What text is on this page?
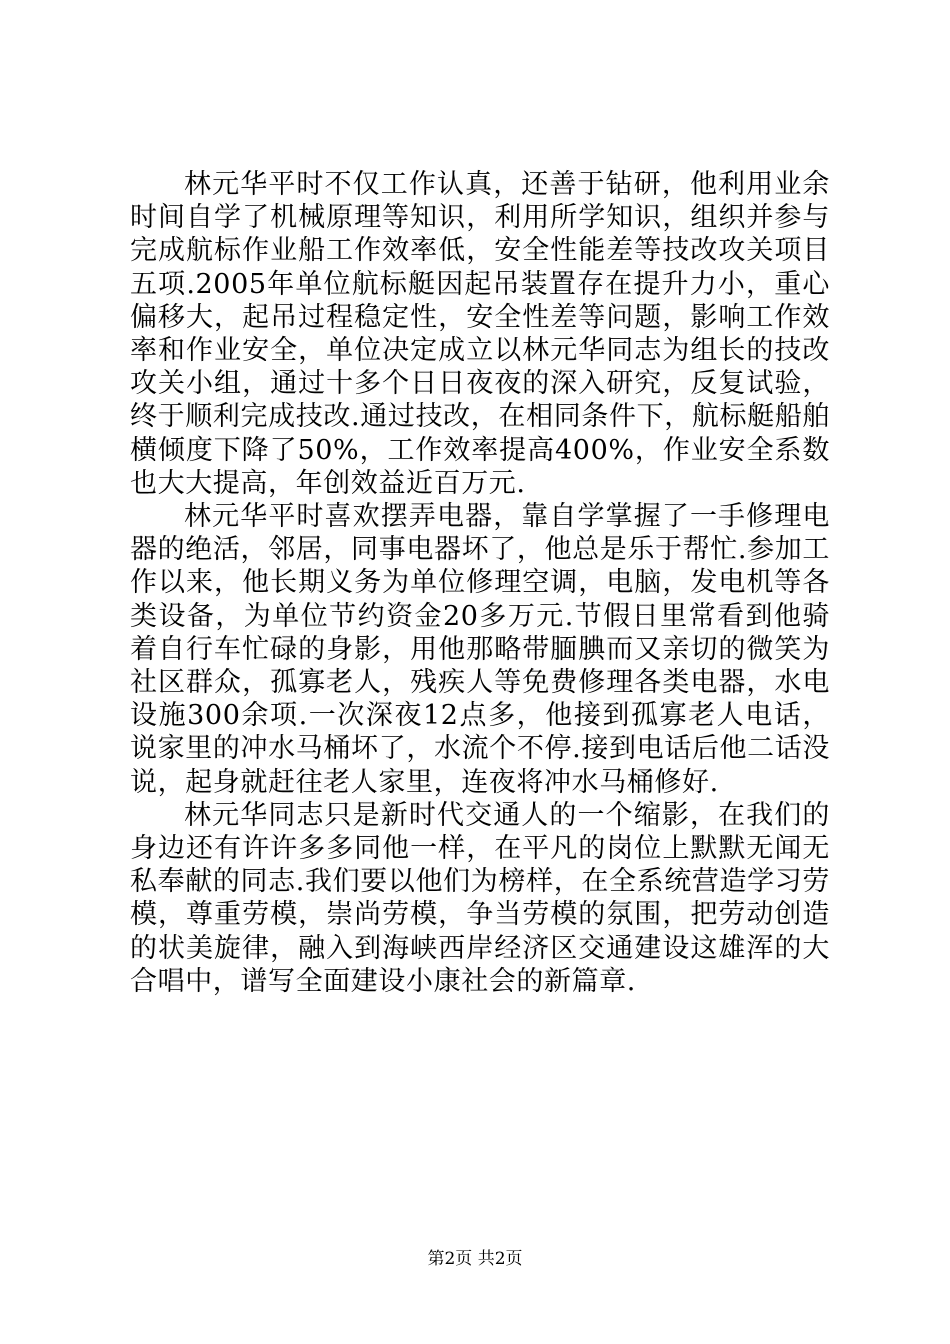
林元华平时不仅工作认真，还善于钻研，他利用业余时间自学了机械原理等知识，利用所学知识，组织并参与完成航标作业船工作效率低，安全性能差等技改攻关项目五项.2005年单位航标艇因起吊装置存在提升力小，重心偏移大，起吊过程稳定性，安全性差等问题，影响工作效率和作业安全，单位决定成立以林元华同志为组长的技改攻关小组，通过十多个日日夜夜的深入研究，反复试验，终于顺利完成技改.通过技改，在相同条件下，航标艇船舶横倾度下降了50%，工作效率提高400%，作业安全系数也大大提高，年创效益近百万元.

林元华平时喜欢摆弄电器，靠自学掌握了一手修理电器的绝活，邻居，同事电器坏了，他总是乐于帮忙.参加工作以来，他长期义务为单位修理空调，电脑，发电机等各类设备，为单位节约资金20多万元.节假日里常看到他骑着自行车忙碌的身影，用他那略带腼腆而又亲切的微笑为社区群众，孤寡老人，残疾人等免费修理各类电器，水电设施300余项.一次深夜12点多，他接到孤寡老人电话，说家里的冲水马桶坏了，水流个不停.接到电话后他二话没说，起身就赶往老人家里，连夜将冲水马桶修好.

林元华同志只是新时代交通人的一个缩影，在我们的身边还有许许多多同他一样，在平凡的岗位上默默无闻无私奉献的同志.我们要以他们为榜样，在全系统营造学习劳模，尊重劳模，崇尚劳模，争当劳模的氛围，把劳动创造的状美旋律，融入到海峡西岸经济区交通建设这雄浑的大合唱中，谱写全面建设小康社会的新篇章.

第2页 共2页
